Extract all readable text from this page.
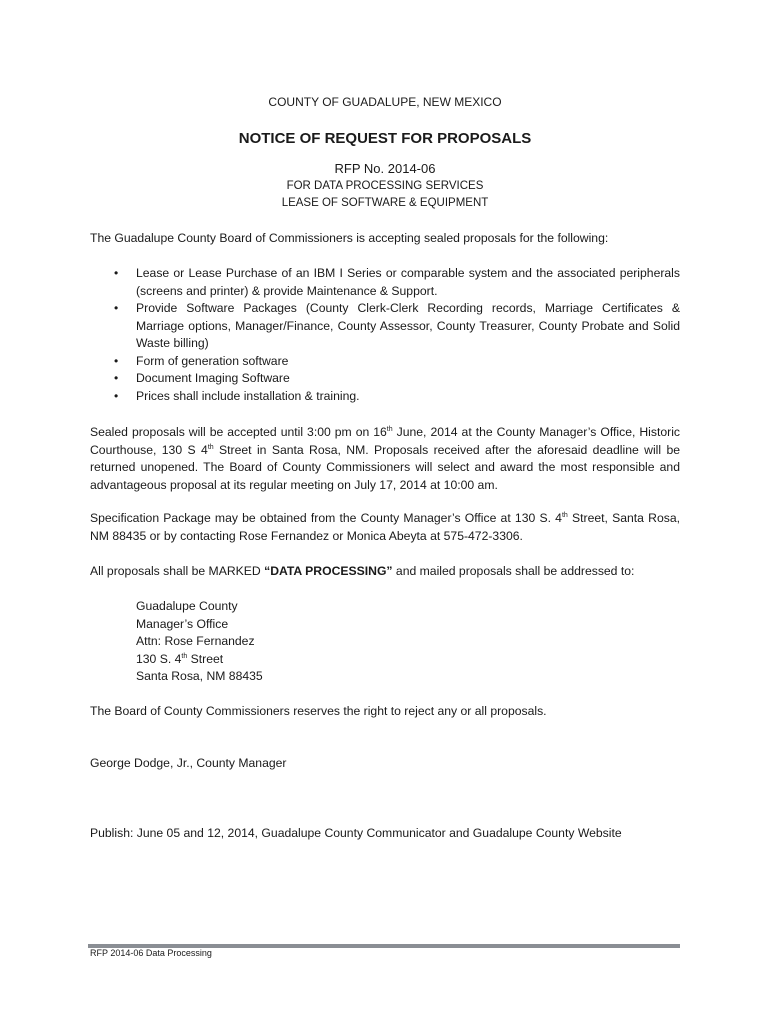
COUNTY OF GUADALUPE, NEW MEXICO
NOTICE OF REQUEST FOR PROPOSALS
RFP No. 2014-06
FOR DATA PROCESSING SERVICES
LEASE OF SOFTWARE & EQUIPMENT

The Guadalupe County Board of Commissioners is accepting sealed proposals for the following:

• Lease or Lease Purchase of an IBM I Series or comparable system and the associated peripherals (screens and printer) & provide Maintenance & Support.
• Provide Software Packages (County Clerk-Clerk Recording records, Marriage Certificates & Marriage options, Manager/Finance, County Assessor, County Treasurer, County Probate and Solid Waste billing)
• Form of generation software
• Document Imaging Software
• Prices shall include installation & training.

Sealed proposals will be accepted until 3:00 pm on 16th June, 2014 at the County Manager’s Office, Historic Courthouse, 130 S 4th Street in Santa Rosa, NM. Proposals received after the aforesaid deadline will be returned unopened. The Board of County Commissioners will select and award the most responsible and advantageous proposal at its regular meeting on July 17, 2014 at 10:00 am.

Specification Package may be obtained from the County Manager’s Office at 130 S. 4th Street, Santa Rosa, NM 88435 or by contacting Rose Fernandez or Monica Abeyta at 575-472-3306.

All proposals shall be MARKED “DATA PROCESSING” and mailed proposals shall be addressed to:

Guadalupe County
Manager’s Office
Attn: Rose Fernandez
130 S. 4th Street
Santa Rosa, NM 88435

The Board of County Commissioners reserves the right to reject any or all proposals.

George Dodge, Jr., County Manager

Publish: June 05 and 12, 2014, Guadalupe County Communicator and Guadalupe County Website

RFP 2014-06 Data Processing
